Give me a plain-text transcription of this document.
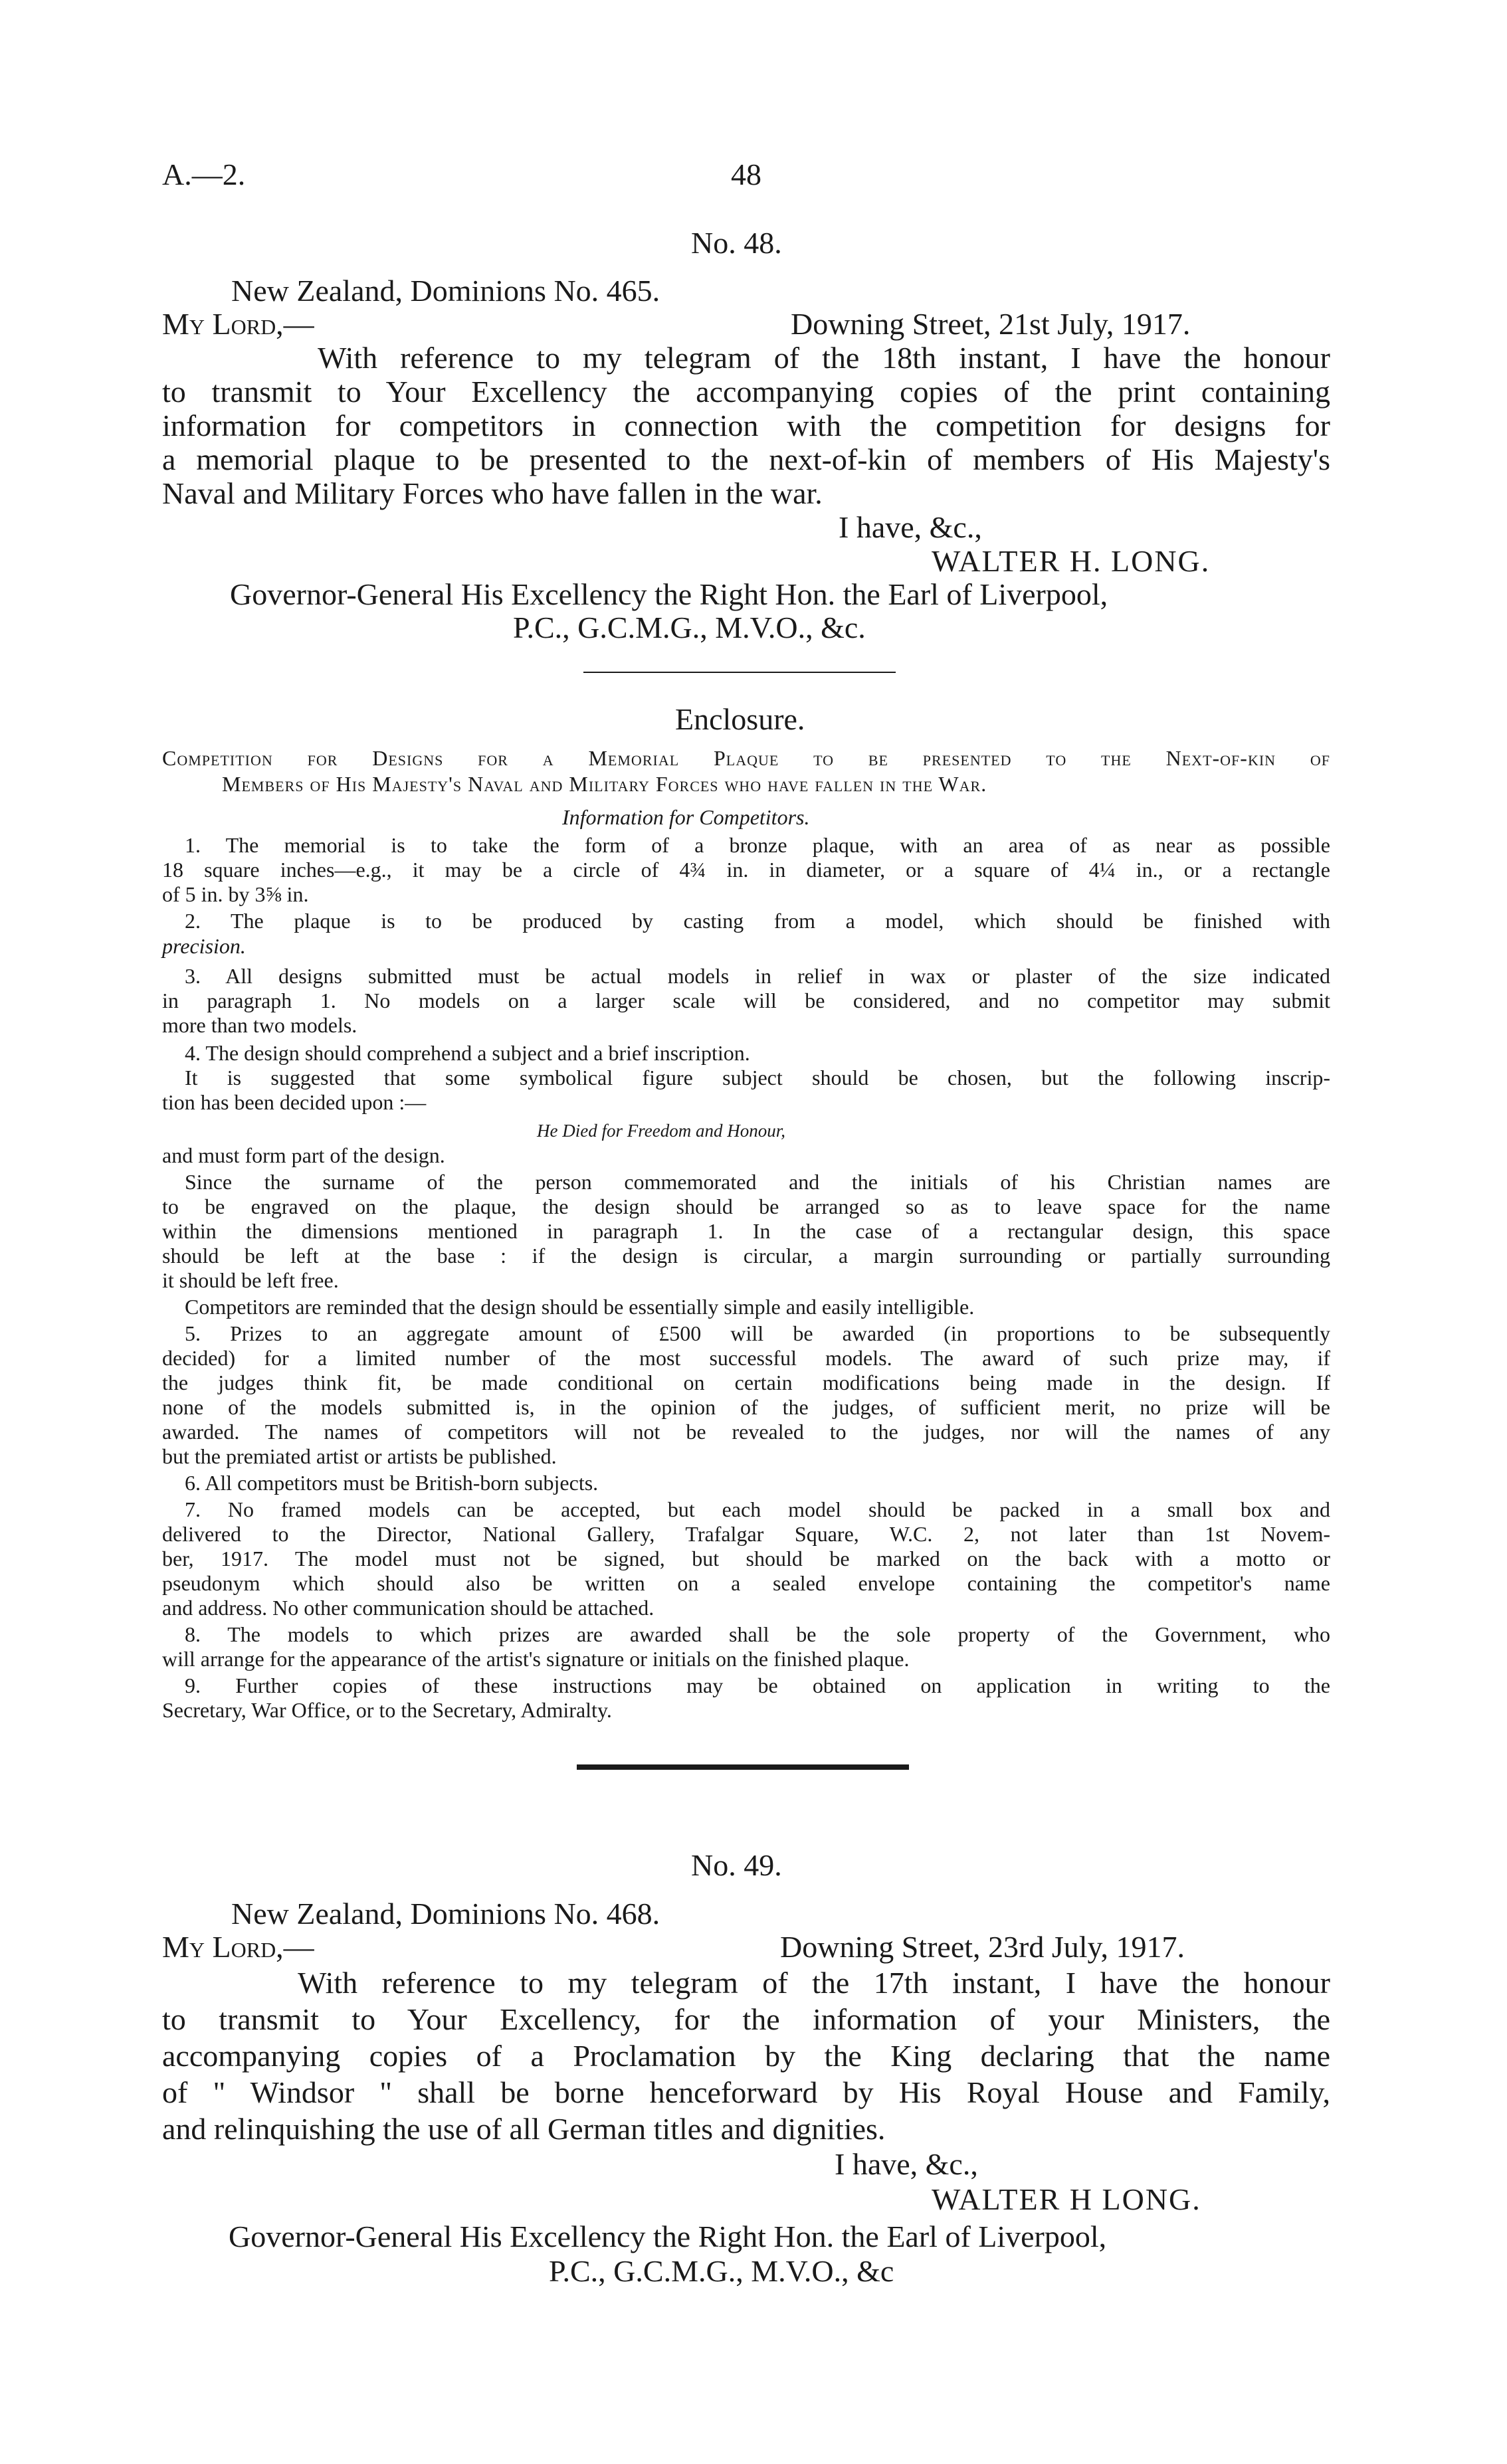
A.—2.	48
No. 48.
New Zealand, Dominions No. 465.
My Lord,—	Downing Street, 21st July, 1917.
With reference to my telegram of the 18th instant, I have the honour
to transmit to Your Excellency the accompanying copies of the print containing
information for competitors in connection with the competition for designs for
a memorial plaque to be presented to the next-of-kin of members of His Majesty's
Naval and Military Forces who have fallen in the war.
I have, &c.,
WALTER H. LONG.
Governor-General His Excellency the Right Hon. the Earl of Liverpool,
P.C., G.C.M.G., M.V.O., &c.
Enclosure.
Competition for Designs for a Memorial Plaque to be presented to the Next-of-kin of
Members of His Majesty's Naval and Military Forces who have fallen in the War.
Information for Competitors.
1. The memorial is to take the form of a bronze plaque, with an area of as near as possible
18 square inches—e.g., it may be a circle of 4¾ in. in diameter, or a square of 4¼ in., or a rectangle
of 5 in. by 3⅝ in.
2. The plaque is to be produced by casting from a model, which should be finished with
precision.
3. All designs submitted must be actual models in relief in wax or plaster of the size indicated
in paragraph 1. No models on a larger scale will be considered, and no competitor may submit
more than two models.
4. The design should comprehend a subject and a brief inscription.
It is suggested that some symbolical figure subject should be chosen, but the following inscrip-
tion has been decided upon :—
He Died for Freedom and Honour,
and must form part of the design.
Since the surname of the person commemorated and the initials of his Christian names are
to be engraved on the plaque, the design should be arranged so as to leave space for the name
within the dimensions mentioned in paragraph 1. In the case of a rectangular design, this space
should be left at the base : if the design is circular, a margin surrounding or partially surrounding
it should be left free.
Competitors are reminded that the design should be essentially simple and easily intelligible.
5. Prizes to an aggregate amount of £500 will be awarded (in proportions to be subsequently
decided) for a limited number of the most successful models. The award of such prize may, if
the judges think fit, be made conditional on certain modifications being made in the design. If
none of the models submitted is, in the opinion of the judges, of sufficient merit, no prize will be
awarded. The names of competitors will not be revealed to the judges, nor will the names of any
but the premiated artist or artists be published.
6. All competitors must be British-born subjects.
7. No framed models can be accepted, but each model should be packed in a small box and
delivered to the Director, National Gallery, Trafalgar Square, W.C. 2, not later than 1st Novem-
ber, 1917. The model must not be signed, but should be marked on the back with a motto or
pseudonym which should also be written on a sealed envelope containing the competitor's name
and address. No other communication should be attached.
8. The models to which prizes are awarded shall be the sole property of the Government, who
will arrange for the appearance of the artist's signature or initials on the finished plaque.
9. Further copies of these instructions may be obtained on application in writing to the
Secretary, War Office, or to the Secretary, Admiralty.
No. 49.
New Zealand, Dominions No. 468.
My Lord,—	Downing Street, 23rd July, 1917.
With reference to my telegram of the 17th instant, I have the honour
to transmit to Your Excellency, for the information of your Ministers, the
accompanying copies of a Proclamation by the King declaring that the name
of " Windsor " shall be borne henceforward by His Royal House and Family,
and relinquishing the use of all German titles and dignities.
I have, &c.,
WALTER H LONG.
Governor-General His Excellency the Right Hon. the Earl of Liverpool,
P.C., G.C.M.G., M.V.O., &c
